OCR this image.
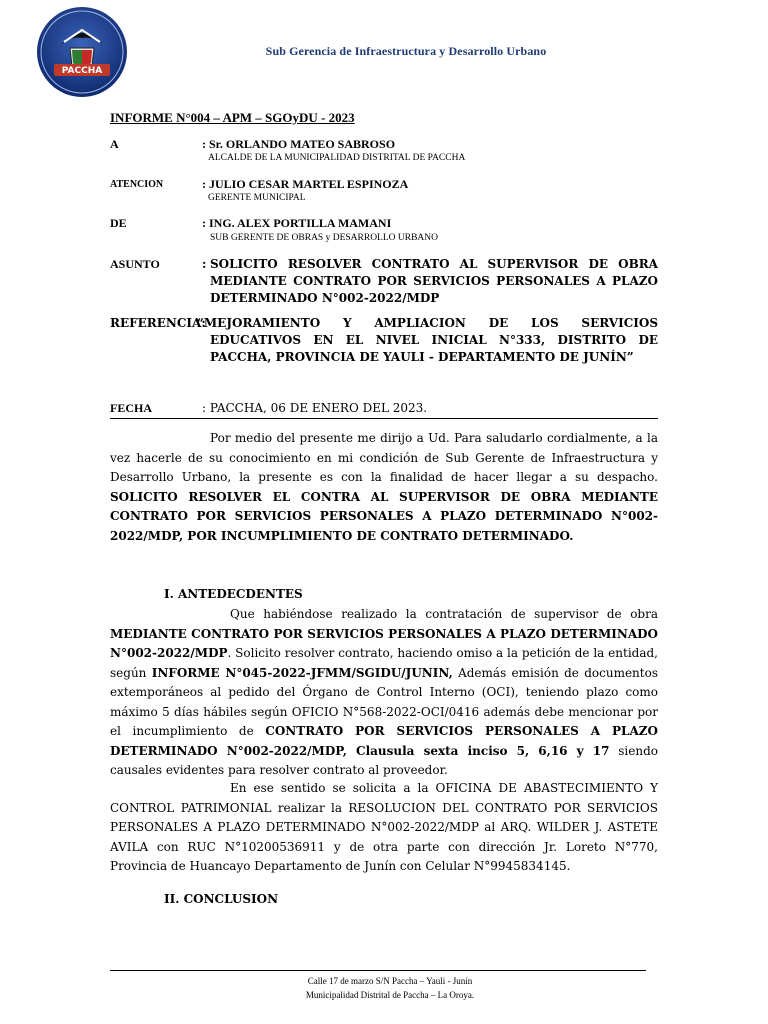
PACCHA
Sub Gerencia de Infraestructura y Desarrollo Urbano
INFORME N°004 – APM – SGOyDU - 2023
A	: Sr. ORLANDO MATEO SABROSO
ALCALDE DE LA MUNICIPALIDAD DISTRITAL DE PACCHA
ATENCION	: JULIO CESAR MARTEL ESPINOZA
GERENTE MUNICIPAL
DE	: ING. ALEX PORTILLA MAMANI
SUB GERENTE DE OBRAS y DESARROLLO URBANO
ASUNTO	: SOLICITO RESOLVER CONTRATO AL SUPERVISOR DE OBRA MEDIANTE CONTRATO POR SERVICIOS PERSONALES A PLAZO DETERMINADO N°002-2022/MDP
REFERENCIA:
“MEJORAMIENTO Y AMPLIACION DE LOS SERVICIOS EDUCATIVOS EN EL NIVEL INICIAL N°333, DISTRITO DE PACCHA, PROVINCIA DE YAULI - DEPARTAMENTO DE JUNÍN”
FECHA	: PACCHA, 06 DE ENERO DEL 2023.
Por medio del presente me dirijo a Ud. Para saludarlo cordialmente, a la vez hacerle de su conocimiento en mi condición de Sub Gerente de Infraestructura y Desarrollo Urbano, la presente es con la finalidad de hacer llegar a su despacho. SOLICITO RESOLVER EL CONTRA AL SUPERVISOR DE OBRA MEDIANTE CONTRATO POR SERVICIOS PERSONALES A PLAZO DETERMINADO N°002-2022/MDP, POR INCUMPLIMIENTO DE CONTRATO DETERMINADO.
I. ANTEDECDENTES
Que habiéndose realizado la contratación de supervisor de obra MEDIANTE CONTRATO POR SERVICIOS PERSONALES A PLAZO DETERMINADO N°002-2022/MDP. Solicito resolver contrato, haciendo omiso a la petición de la entidad, según INFORME N°045-2022-JFMM/SGIDU/JUNIN, Además emisión de documentos extemporáneos al pedido del Órgano de Control Interno (OCI), teniendo plazo como máximo 5 días hábiles según OFICIO N°568-2022-OCI/0416 además debe mencionar por el incumplimiento de CONTRATO POR SERVICIOS PERSONALES A PLAZO DETERMINADO N°002-2022/MDP, Clausula sexta inciso 5, 6,16 y 17 siendo causales evidentes para resolver contrato al proveedor.
En ese sentido se solicita a la OFICINA DE ABASTECIMIENTO Y CONTROL PATRIMONIAL realizar la RESOLUCION DEL CONTRATO POR SERVICIOS PERSONALES A PLAZO DETERMINADO N°002-2022/MDP al ARQ. WILDER J. ASTETE AVILA con RUC N°10200536911 y de otra parte con dirección Jr. Loreto N°770, Provincia de Huancayo Departamento de Junín con Celular N°9945834145.
II. CONCLUSION
Calle 17 de marzo S/N Paccha – Yauli - Junín
Municipalidad Distrital de Paccha – La Oroya.
